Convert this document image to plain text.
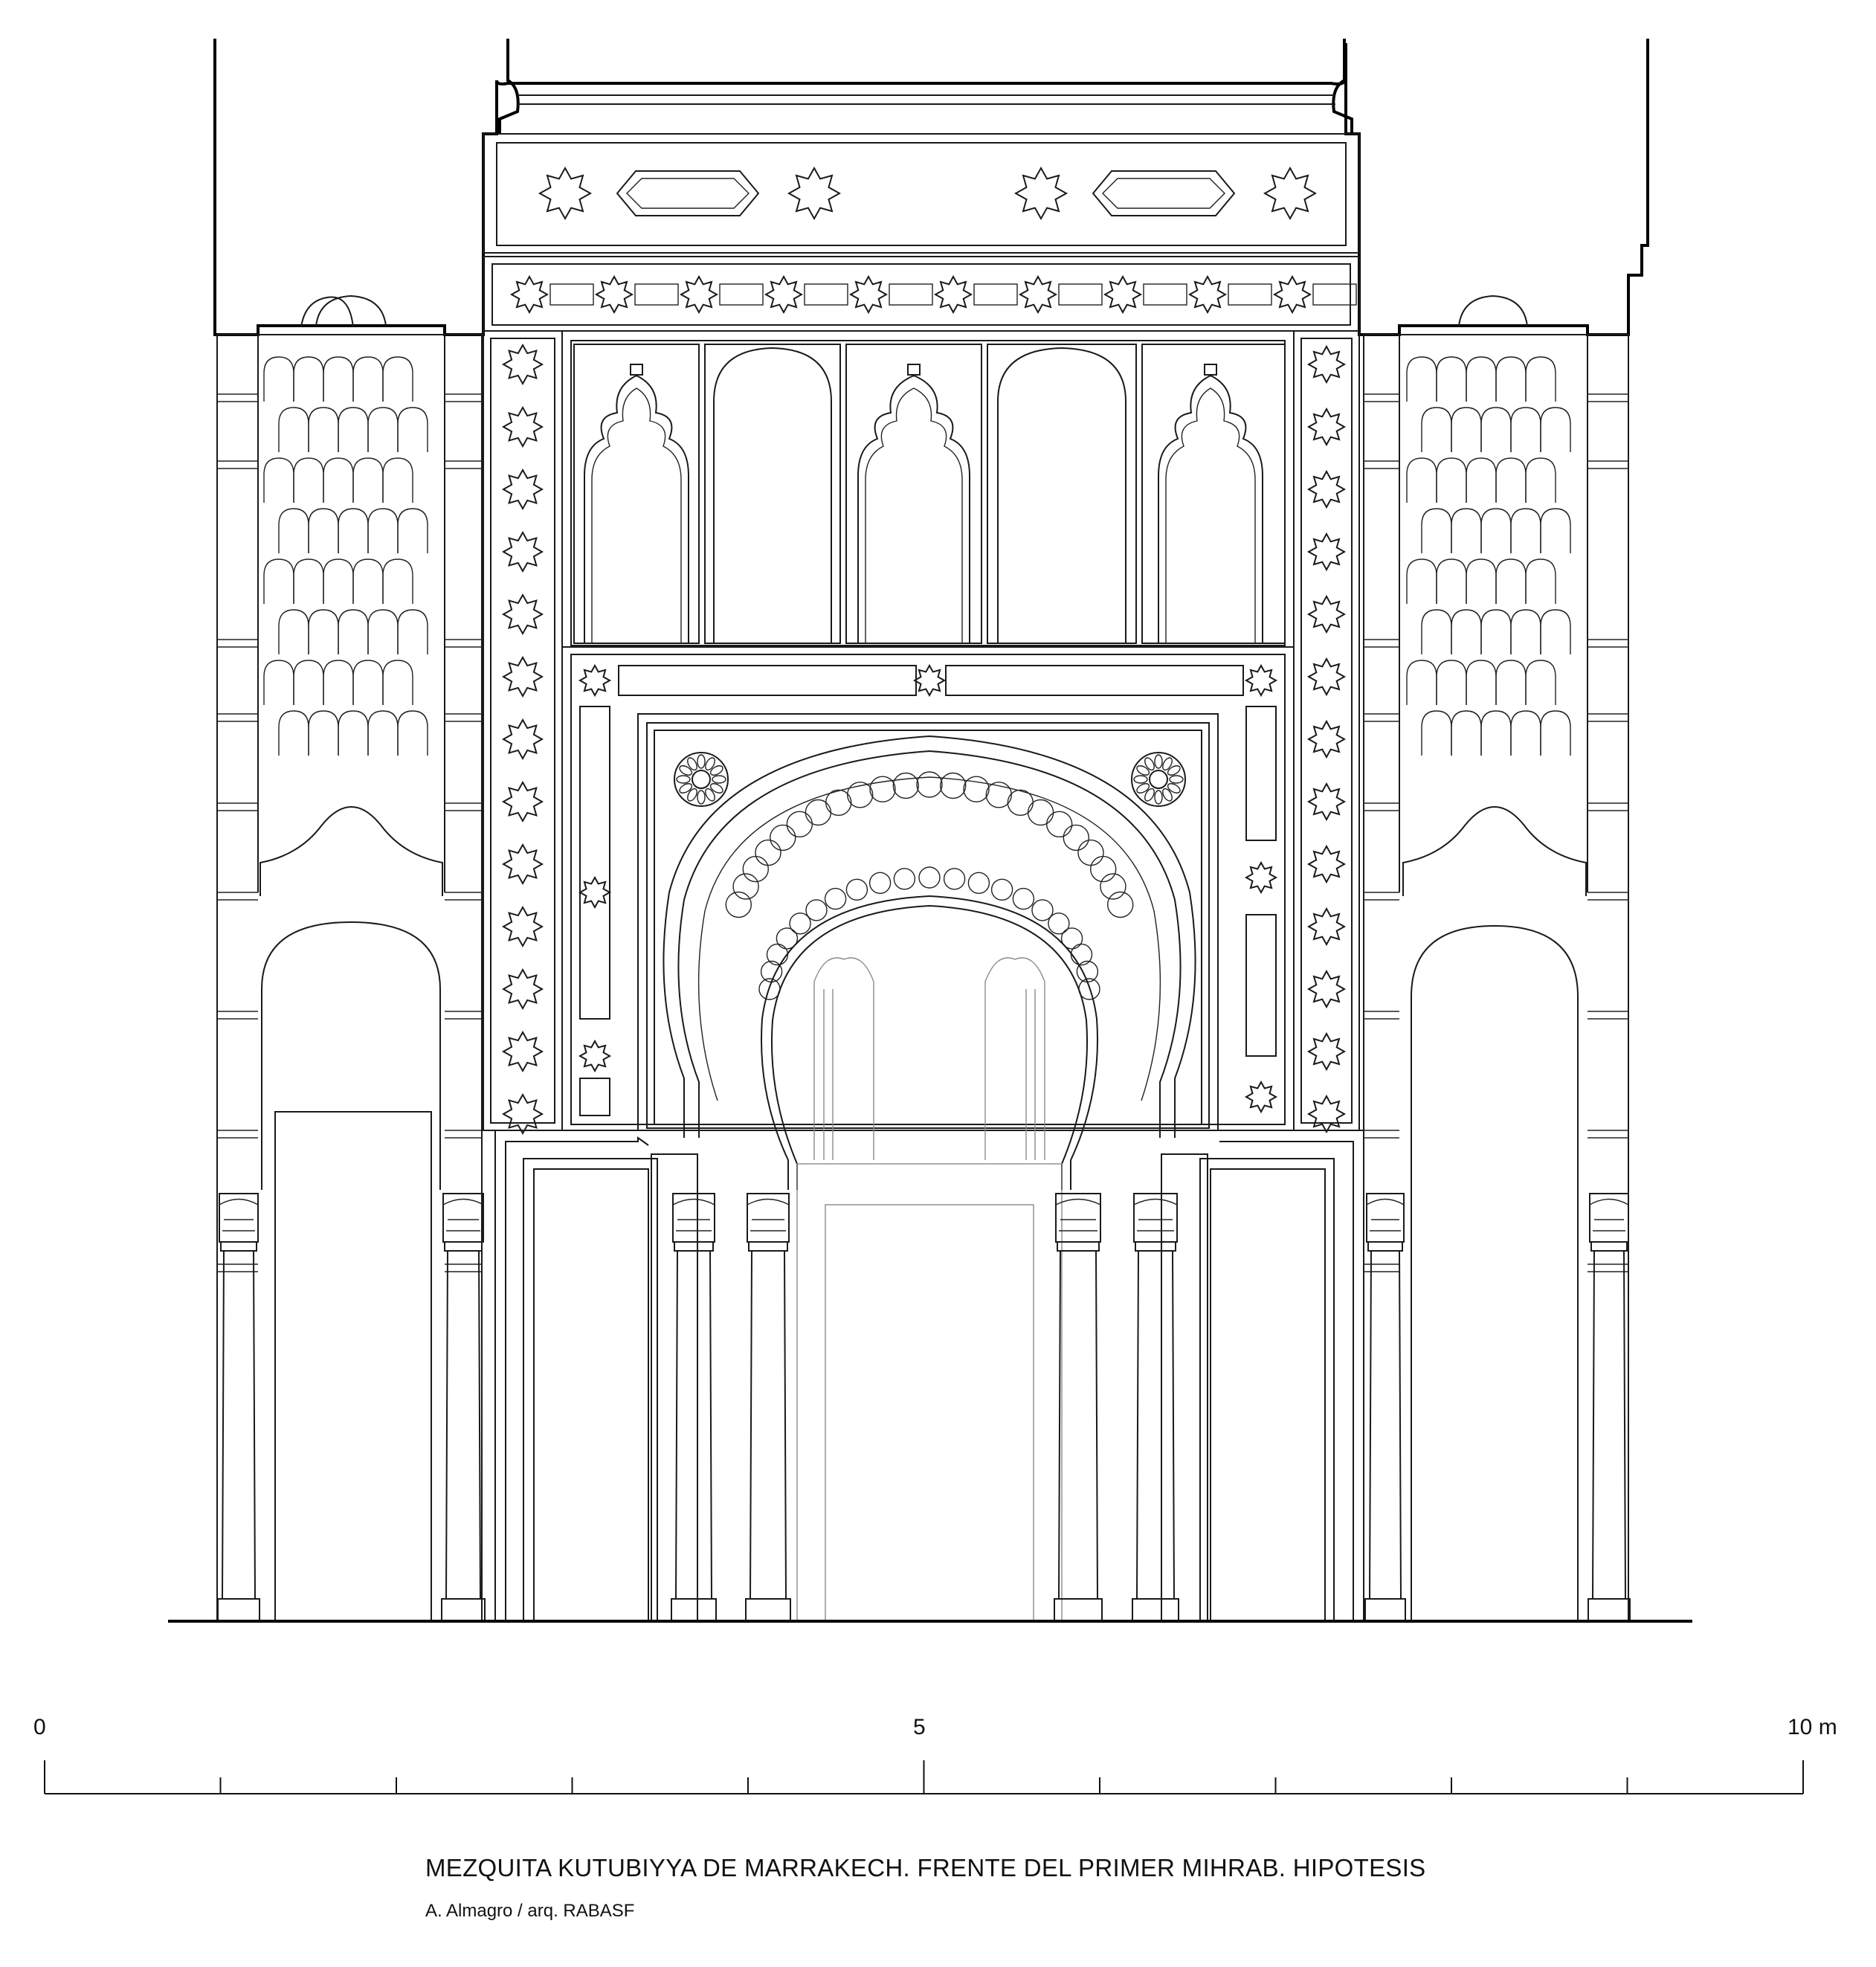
0	5	10 m
MEZQUITA KUTUBIYYA DE MARRAKECH. FRENTE DEL PRIMER MIHRAB. HIPOTESIS
A. Almagro / arq. RABASF
